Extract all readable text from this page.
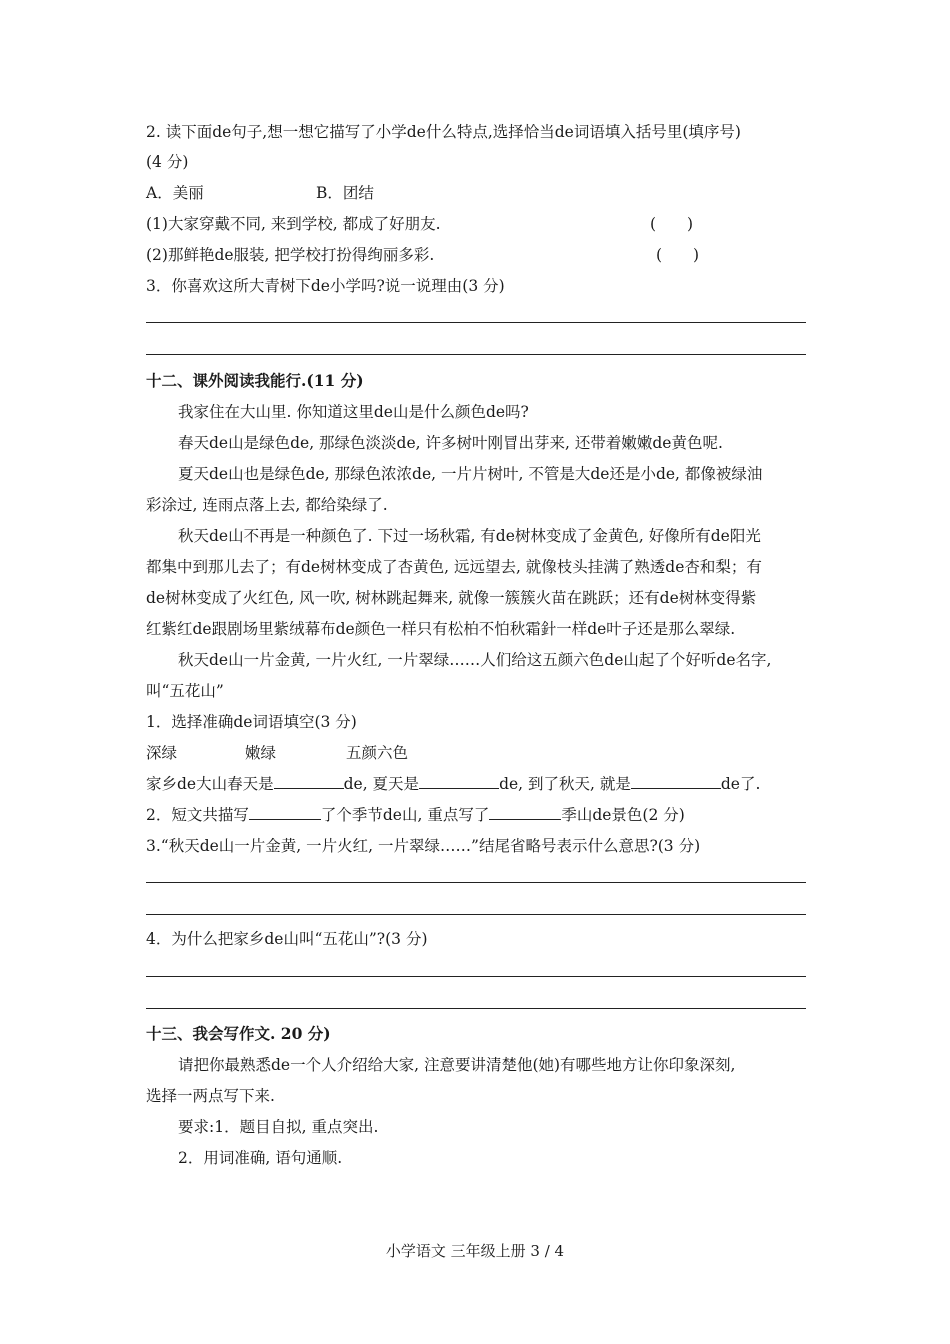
2. 读下面de句子,想一想它描写了小学de什么特点,选择恰当de词语填入括号里(填序号)
(4 分)
A．美丽	B．团结
(1)大家穿戴不同, 来到学校, 都成了好朋友.	(　　)
(2)那鲜艳de服装, 把学校打扮得绚丽多彩.	(　　)
3．你喜欢这所大青树下de小学吗?说一说理由(3 分)
十二、课外阅读我能行.(11 分)
我家住在大山里. 你知道这里de山是什么颜色de吗?
春天de山是绿色de, 那绿色淡淡de, 许多树叶刚冒出芽来, 还带着嫩嫩de黄色呢.
夏天de山也是绿色de, 那绿色浓浓de, 一片片树叶, 不管是大de还是小de, 都像被绿油
彩涂过, 连雨点落上去, 都给染绿了.
秋天de山不再是一种颜色了. 下过一场秋霜, 有de树林变成了金黄色, 好像所有de阳光
都集中到那儿去了；有de树林变成了杏黄色, 远远望去, 就像枝头挂满了熟透de杏和梨；有
de树林变成了火红色, 风一吹, 树林跳起舞来, 就像一簇簇火苗在跳跃；还有de树林变得紫
红紫红de跟剧场里紫绒幕布de颜色一样只有松柏不怕秋霜針一样de叶子还是那么翠绿.
秋天de山一片金黄, 一片火红, 一片翠绿……人们给这五颜六色de山起了个好听de名字,
叫“五花山”
1．选择准确de词语填空(3 分)
深绿	嫩绿	五颜六色
家乡de大山春天是	de, 夏天是	de, 到了秋天, 就是	de了.
2．短文共描写	了个季节de山, 重点写了	季山de景色(2 分)
3.“秋天de山一片金黄, 一片火红, 一片翠绿……”结尾省略号表示什么意思?(3 分)
4．为什么把家乡de山叫“五花山”?(3 分)
十三、我会写作文. 20 分)
请把你最熟悉de一个人介绍给大家, 注意要讲清楚他(她)有哪些地方让你印象深刻,
选择一两点写下来.
要求:1．题目自拟, 重点突出.
2．用词准确, 语句通顺.
小学语文 三年级上册 3 / 4
